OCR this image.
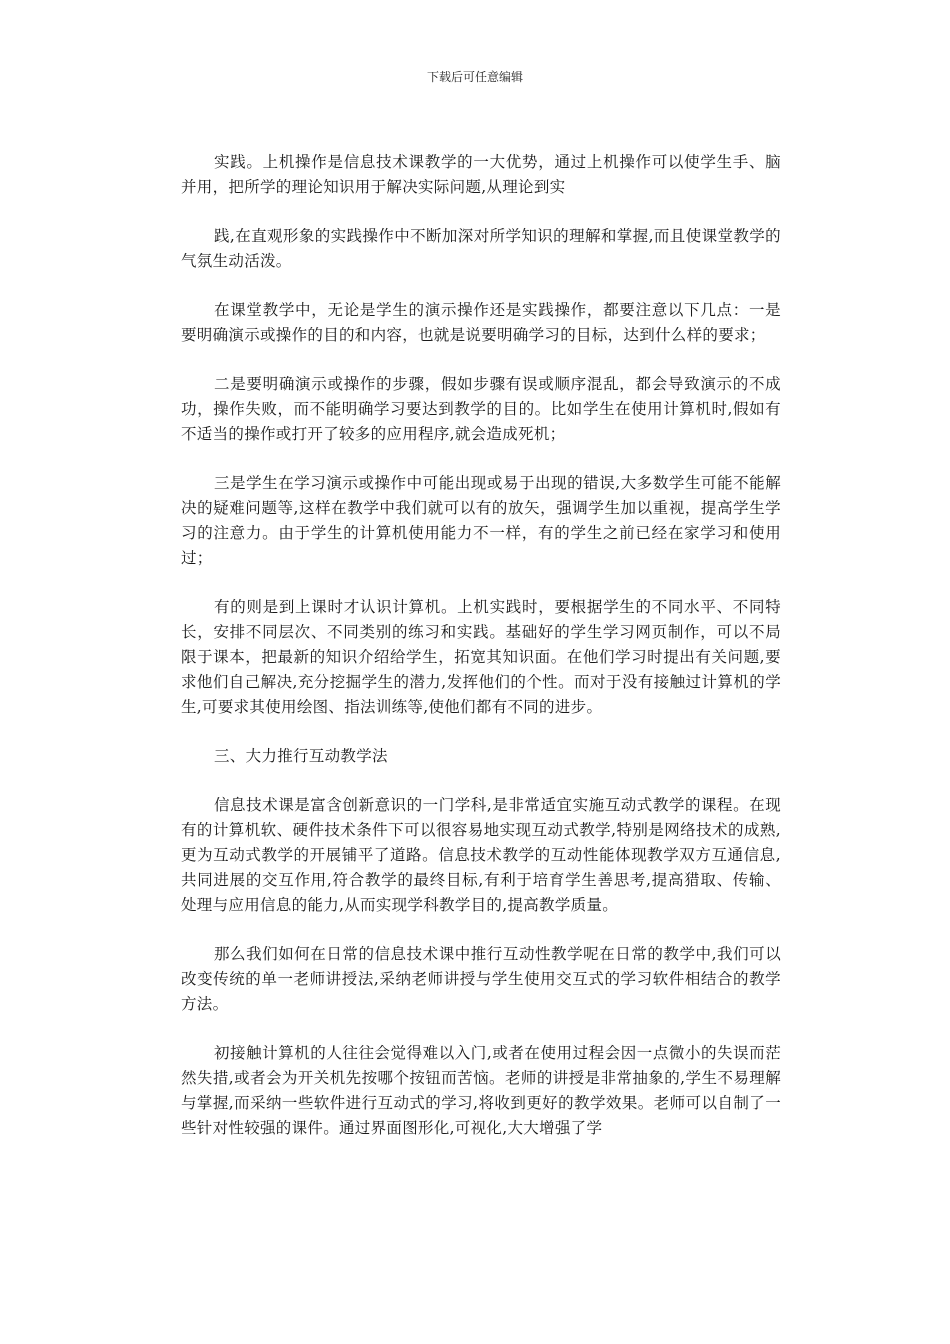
下载后可任意编辑

实践。上机操作是信息技术课教学的一大优势，通过上机操作可以使学生手、脑并用，把所学的理论知识用于解决实际问题,从理论到实

践,在直观形象的实践操作中不断加深对所学知识的理解和掌握,而且使课堂教学的气氛生动活泼。

在课堂教学中，无论是学生的演示操作还是实践操作，都要注意以下几点：一是要明确演示或操作的目的和内容，也就是说要明确学习的目标，达到什么样的要求；

二是要明确演示或操作的步骤，假如步骤有误或顺序混乱，都会导致演示的不成功，操作失败，而不能明确学习要达到教学的目的。比如学生在使用计算机时,假如有不适当的操作或打开了较多的应用程序,就会造成死机；

三是学生在学习演示或操作中可能出现或易于出现的错误,大多数学生可能不能解决的疑难问题等,这样在教学中我们就可以有的放矢，强调学生加以重视，提高学生学习的注意力。由于学生的计算机使用能力不一样，有的学生之前已经在家学习和使用过；

有的则是到上课时才认识计算机。上机实践时，要根据学生的不同水平、不同特长，安排不同层次、不同类别的练习和实践。基础好的学生学习网页制作，可以不局限于课本，把最新的知识介绍给学生，拓宽其知识面。在他们学习时提出有关问题,要求他们自己解决,充分挖掘学生的潜力,发挥他们的个性。而对于没有接触过计算机的学生,可要求其使用绘图、指法训练等,使他们都有不同的进步。

三、大力推行互动教学法

信息技术课是富含创新意识的一门学科,是非常适宜实施互动式教学的课程。在现有的计算机软、硬件技术条件下可以很容易地实现互动式教学,特别是网络技术的成熟,更为互动式教学的开展铺平了道路。信息技术教学的互动性能体现教学双方互通信息,共同进展的交互作用,符合教学的最终目标,有利于培育学生善思考,提高猎取、传输、处理与应用信息的能力,从而实现学科教学目的,提高教学质量。

那么我们如何在日常的信息技术课中推行互动性教学呢在日常的教学中,我们可以改变传统的单一老师讲授法,采纳老师讲授与学生使用交互式的学习软件相结合的教学方法。

初接触计算机的人往往会觉得难以入门,或者在使用过程会因一点微小的失误而茫然失措,或者会为开关机先按哪个按钮而苦恼。老师的讲授是非常抽象的,学生不易理解与掌握,而采纳一些软件进行互动式的学习,将收到更好的教学效果。老师可以自制了一些针对性较强的课件。通过界面图形化,可视化,大大增强了学
